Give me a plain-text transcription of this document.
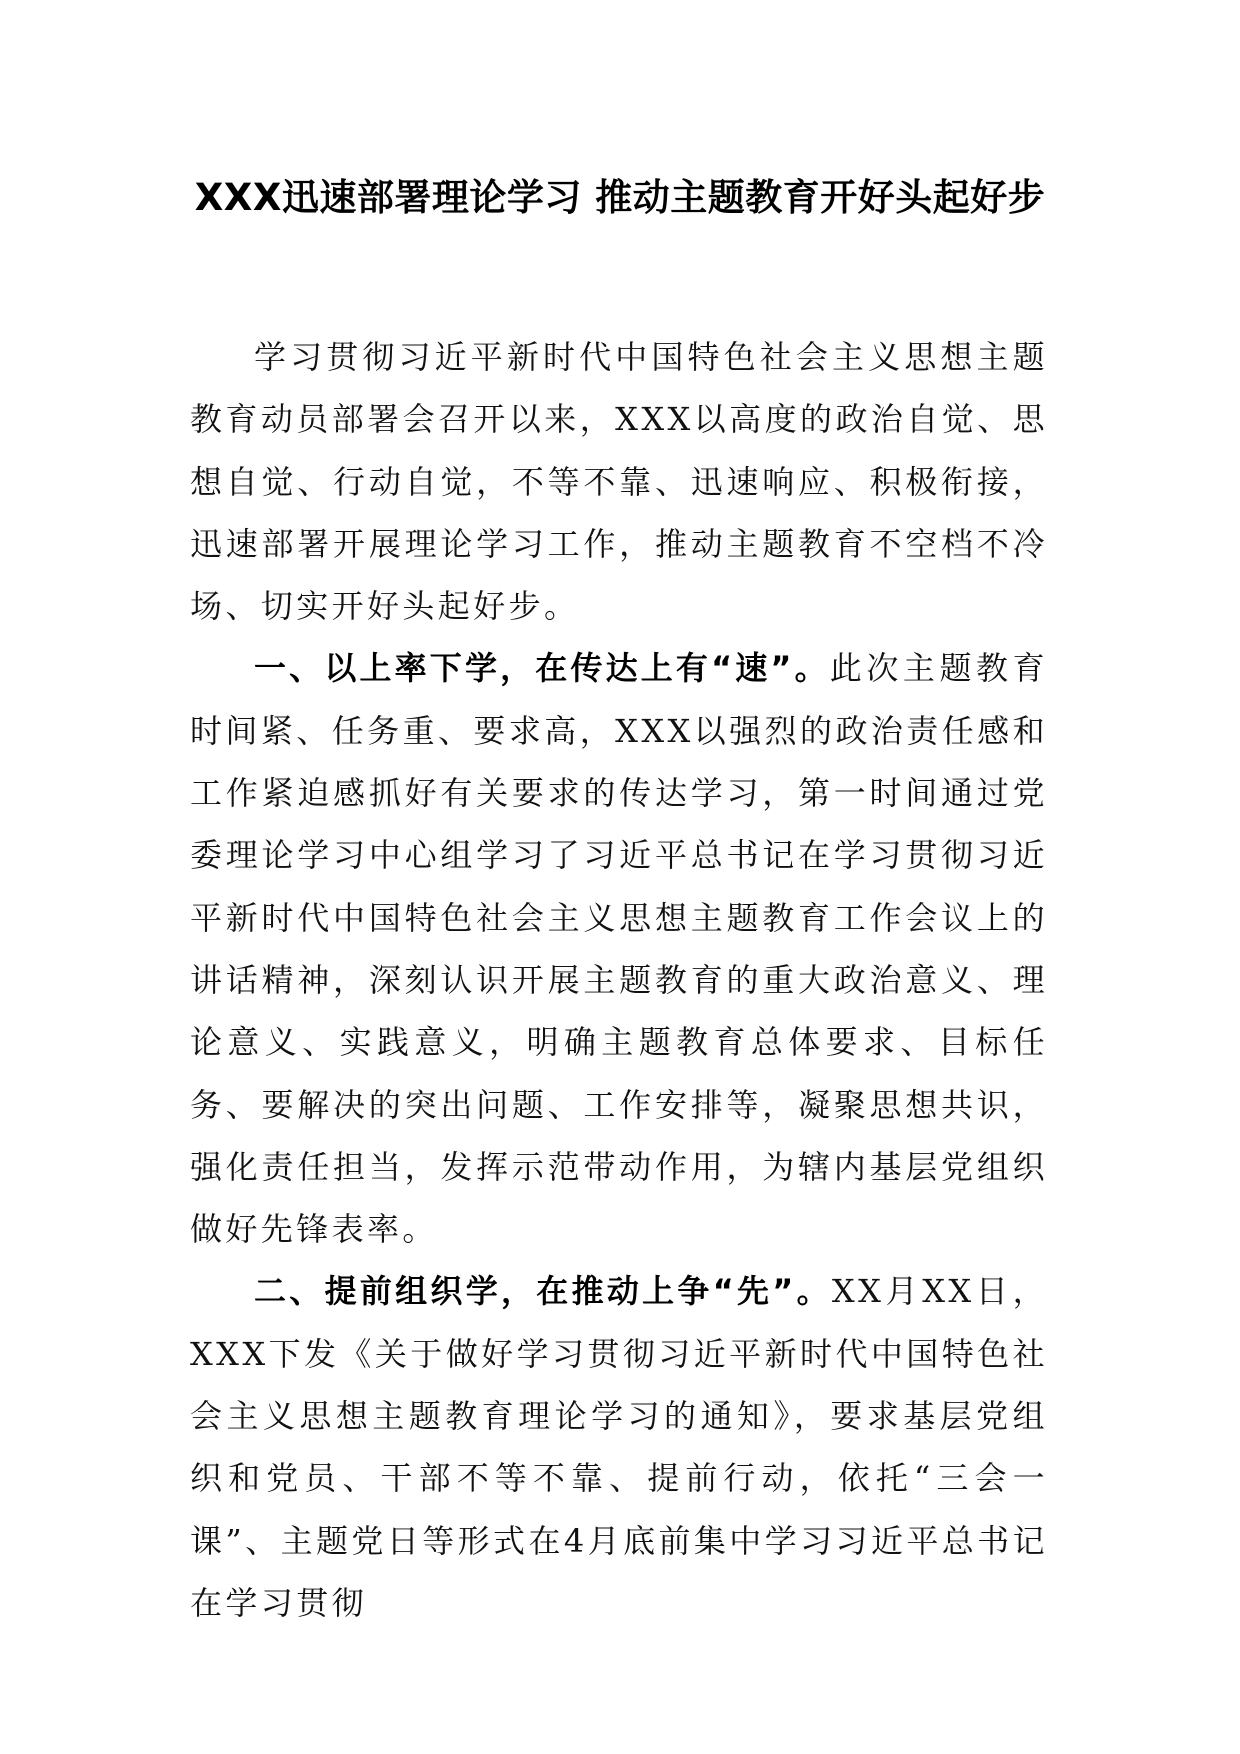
XXX迅速部署理论学习 推动主题教育开好头起好步

学习贯彻习近平新时代中国特色社会主义思想主题教育动员部署会召开以来，XXX以高度的政治自觉、思想自觉、行动自觉，不等不靠、迅速响应、积极衔接，迅速部署开展理论学习工作，推动主题教育不空档不冷场、切实开好头起好步。

一、以上率下学，在传达上有“速”。此次主题教育时间紧、任务重、要求高，XXX以强烈的政治责任感和工作紧迫感抓好有关要求的传达学习，第一时间通过党委理论学习中心组学习了习近平总书记在学习贯彻习近平新时代中国特色社会主义思想主题教育工作会议上的讲话精神，深刻认识开展主题教育的重大政治意义、理论意义、实践意义，明确主题教育总体要求、目标任务、要解决的突出问题、工作安排等，凝聚思想共识，强化责任担当，发挥示范带动作用，为辖内基层党组织做好先锋表率。

二、提前组织学，在推动上争“先”。XX月XX日，XXX下发《关于做好学习贯彻习近平新时代中国特色社会主义思想主题教育理论学习的通知》，要求基层党组织和党员、干部不等不靠、提前行动，依托“三会一课”、主题党日等形式在4月底前集中学习习近平总书记在学习贯彻
